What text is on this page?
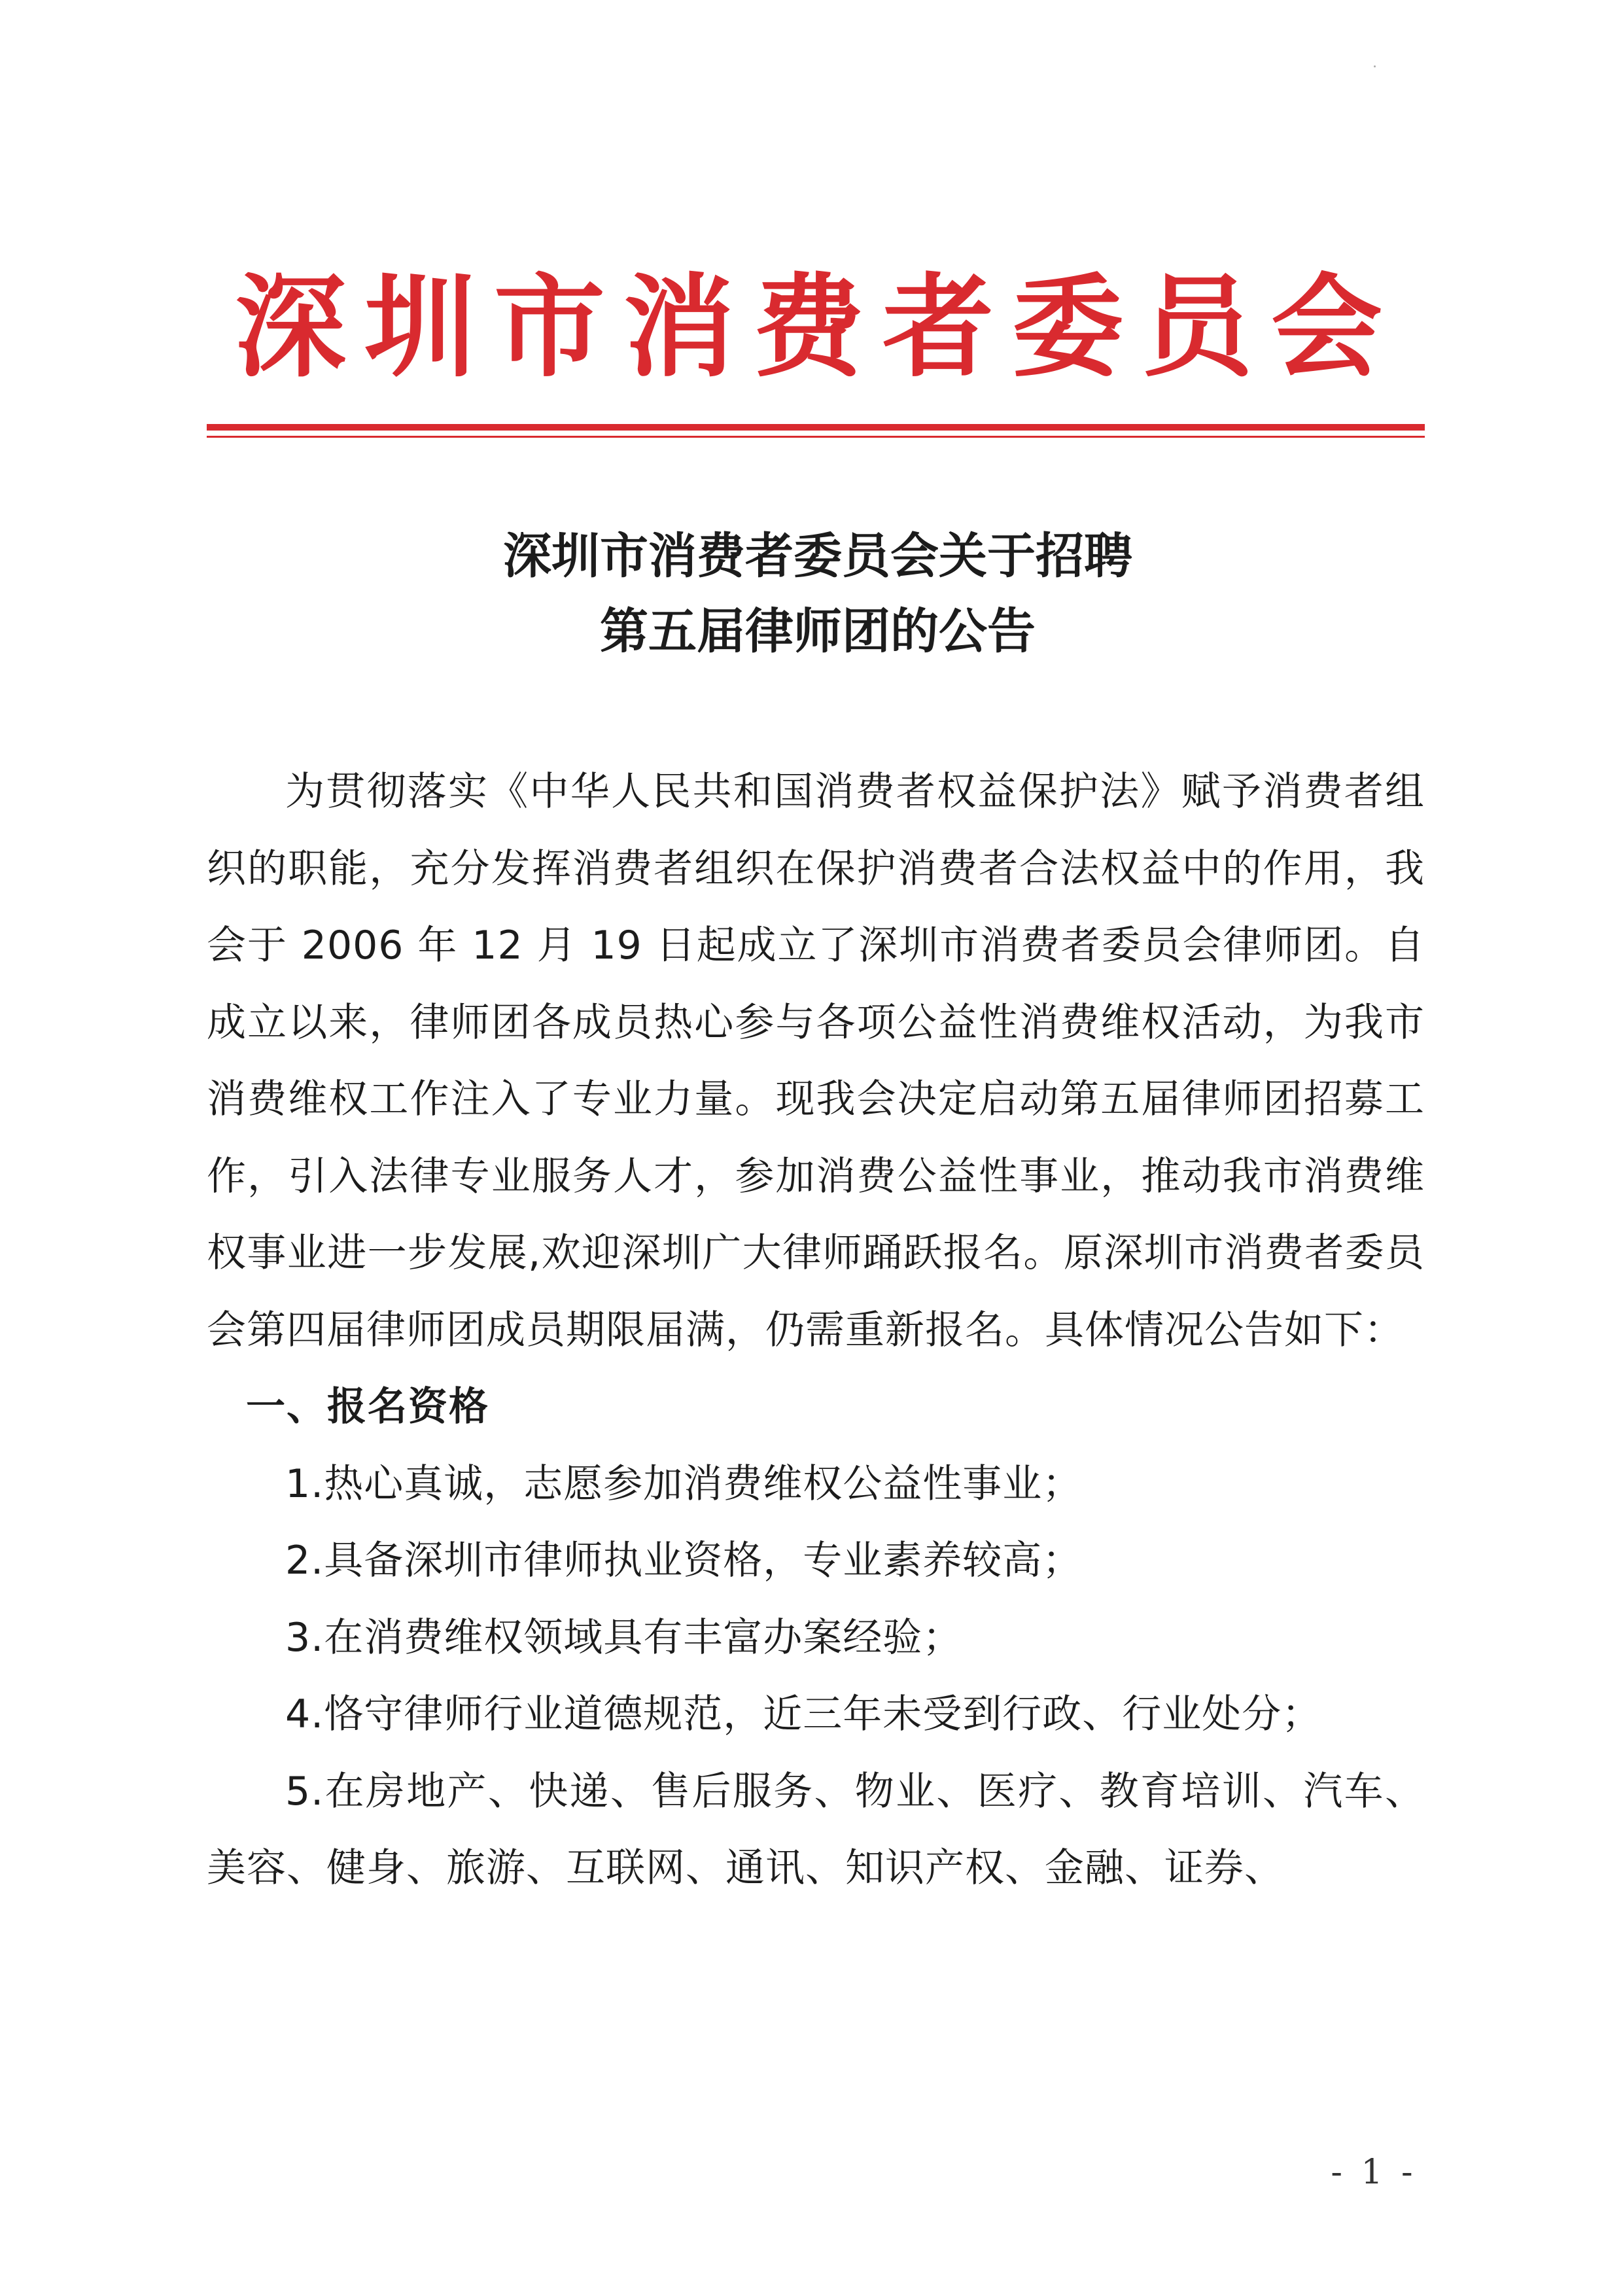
深圳市消费者委员会
深圳市消费者委员会关于招聘
第五届律师团的公告

为贯彻落实《中华人民共和国消费者权益保护法》赋予消费者组织的职能，充分发挥消费者组织在保护消费者合法权益中的作用，我会于 2006 年 12 月 19 日起成立了深圳市消费者委员会律师团。自成立以来，律师团各成员热心参与各项公益性消费维权活动，为我市消费维权工作注入了专业力量。现我会决定启动第五届律师团招募工作，引入法律专业服务人才，参加消费公益性事业，推动我市消费维权事业进一步发展,欢迎深圳广大律师踊跃报名。原深圳市消费者委员会第四届律师团成员期限届满，仍需重新报名。具体情况公告如下：

一、报名资格

1.热心真诚，志愿参加消费维权公益性事业；

2.具备深圳市律师执业资格，专业素养较高；

3.在消费维权领域具有丰富办案经验；

4.恪守律师行业道德规范，近三年未受到行政、行业处分；

5.在房地产、快递、售后服务、物业、医疗、教育培训、汽车、美容、健身、旅游、互联网、通讯、知识产权、金融、证券、

- 1 -
